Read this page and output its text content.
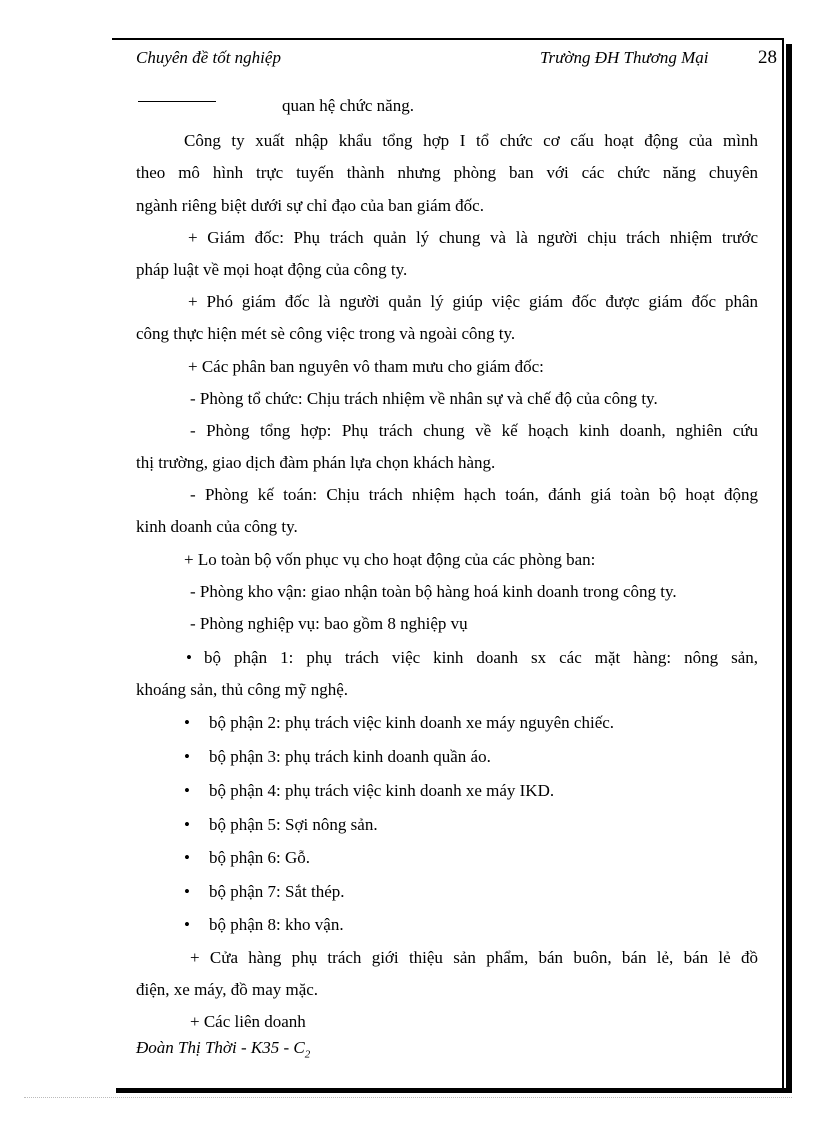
Chuyên đề tốt nghiệp	Trường ĐH Thương Mại	28
quan hệ chức năng.
Công ty xuất nhập khẩu tổng hợp I tổ chức cơ cấu hoạt động của mình
theo mô hình trực tuyến thành nhưng phòng ban với các chức năng chuyên
ngành riêng biệt dưới sự chỉ đạo của ban giám đốc.
+ Giám đốc: Phụ trách quản lý chung và là người chịu trách nhiệm trước
pháp luật về mọi hoạt động của công ty.
+ Phó giám đốc là người quản lý giúp việc giám đốc được giám đốc phân
công thực hiện mét sè công việc trong và ngoài công ty.
+ Các phân ban nguyên vô tham mưu cho giám đốc:
- Phòng tổ chức: Chịu trách nhiệm về nhân sự và chế độ của công ty.
- Phòng tổng hợp: Phụ trách chung về kế hoạch kinh doanh, nghiên cứu
thị trường, giao dịch đàm phán lựa chọn khách hàng.
- Phòng kế toán: Chịu trách nhiệm hạch toán, đánh giá toàn bộ hoạt động
kinh doanh của công ty.
+ Lo toàn bộ vốn phục vụ cho hoạt động của các phòng ban:
- Phòng kho vận: giao nhận toàn bộ hàng hoá kinh doanh trong công ty.
- Phòng nghiệp vụ: bao gồm 8 nghiệp vụ
• bộ phận 1: phụ trách việc kinh doanh sx các mặt hàng: nông sản,
khoáng sản, thủ công mỹ nghệ.
• bộ phận 2: phụ trách việc kinh doanh xe máy nguyên chiếc.
• bộ phận 3: phụ trách kinh doanh quần áo.
• bộ phận 4: phụ trách việc kinh doanh xe máy IKD.
• bộ phận 5: Sợi nông sản.
• bộ phận 6: Gỗ.
• bộ phận 7: Sắt thép.
• bộ phận 8: kho vận.
+ Cửa hàng phụ trách giới thiệu sản phẩm, bán buôn, bán lẻ, bán lẻ đồ
điện, xe máy, đồ may mặc.
+ Các liên doanh
Đoàn Thị Thời - $K35 - C_2$
